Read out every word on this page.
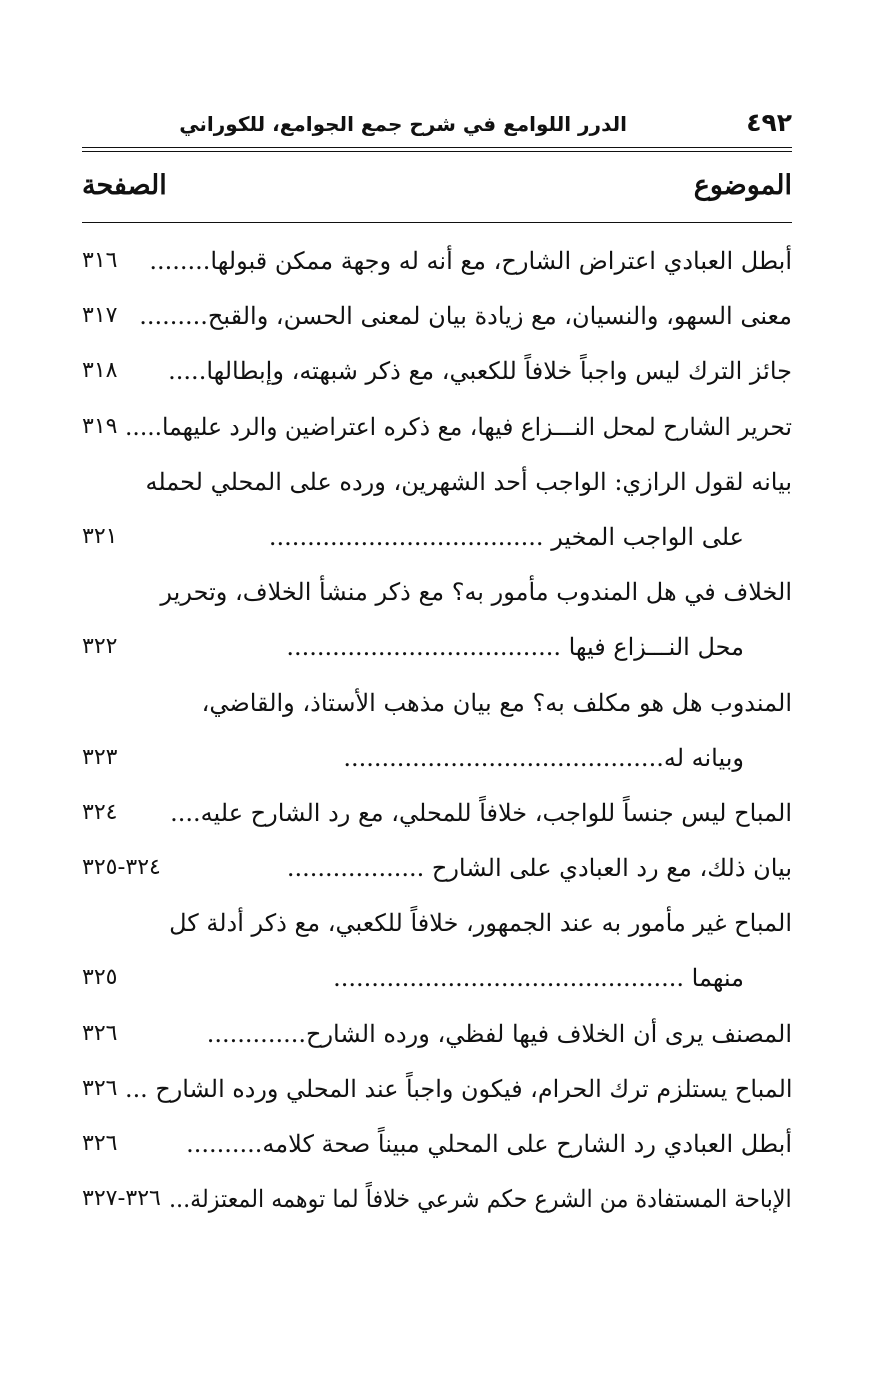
٤٩٢
الدرر اللوامع في شرح جمع الجوامع، للكوراني
الموضوع
الصفحة
أبطل العبادي اعتراض الشارح، مع أنه له وجهة ممكن قبولها........
٣١٦
معنى السهو، والنسيان، مع زيادة بيان لمعنى الحسن، والقبح.........
٣١٧
جائز الترك ليس واجباً خلافاً للكعبي، مع ذكر شبهته، وإبطالها.....
٣١٨
تحرير الشارح لمحل النـــزاع فيها، مع ذكره اعتراضين والرد عليهما.....
٣١٩
بيانه لقول الرازي: الواجب أحد الشهرين، ورده على المحلي لحمله
على الواجب المخير ....................................
٣٢١
الخلاف في هل المندوب مأمور به؟ مع ذكر منشأ الخلاف، وتحرير
محل النـــزاع فيها ....................................
٣٢٢
المندوب هل هو مكلف به؟ مع بيان مذهب الأستاذ، والقاضي،
وبيانه له..........................................
٣٢٣
المباح ليس جنساً للواجب، خلافاً للمحلي، مع رد الشارح عليه....
٣٢٤
بيان ذلك، مع رد العبادي على الشارح ..................
٣٢٤-٣٢٥
المباح غير مأمور به عند الجمهور، خلافاً للكعبي، مع ذكر أدلة كل
منهما ..............................................
٣٢٥
المصنف يرى أن الخلاف فيها لفظي، ورده الشارح.............
٣٢٦
المباح يستلزم ترك الحرام، فيكون واجباً عند المحلي ورده الشارح ...
٣٢٦
أبطل العبادي رد الشارح على المحلي مبيناً صحة كلامه..........
٣٢٦
الإباحة المستفادة من الشرع حكم شرعي خلافاً لما توهمه المعتزلة...
٣٢٦-٣٢٧
